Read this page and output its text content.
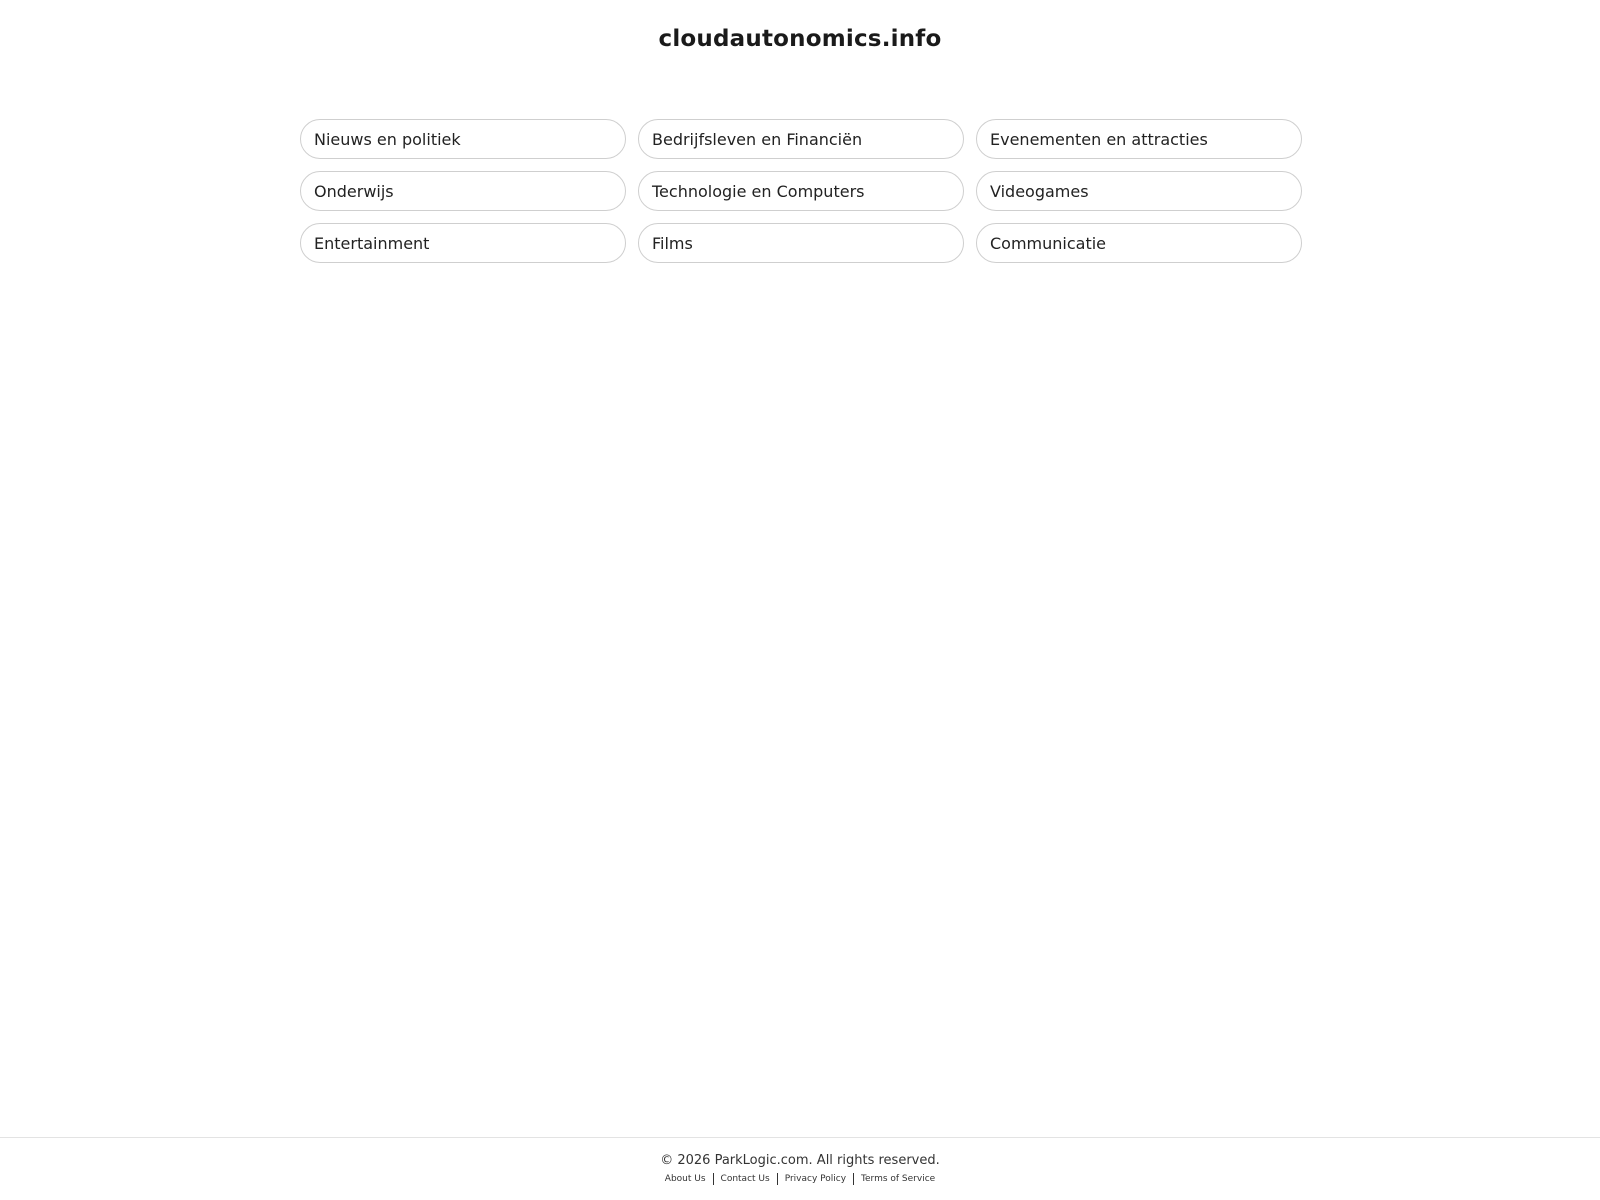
cloudautonomics.info
Nieuws en politiek	Bedrijfsleven en Financiën	Evenementen en attracties
Onderwijs	Technologie en Computers	Videogames
Entertainment	Films	Communicatie
© 2026 ParkLogic.com. All rights reserved.
About Us	Contact Us	Privacy Policy	Terms of Service
